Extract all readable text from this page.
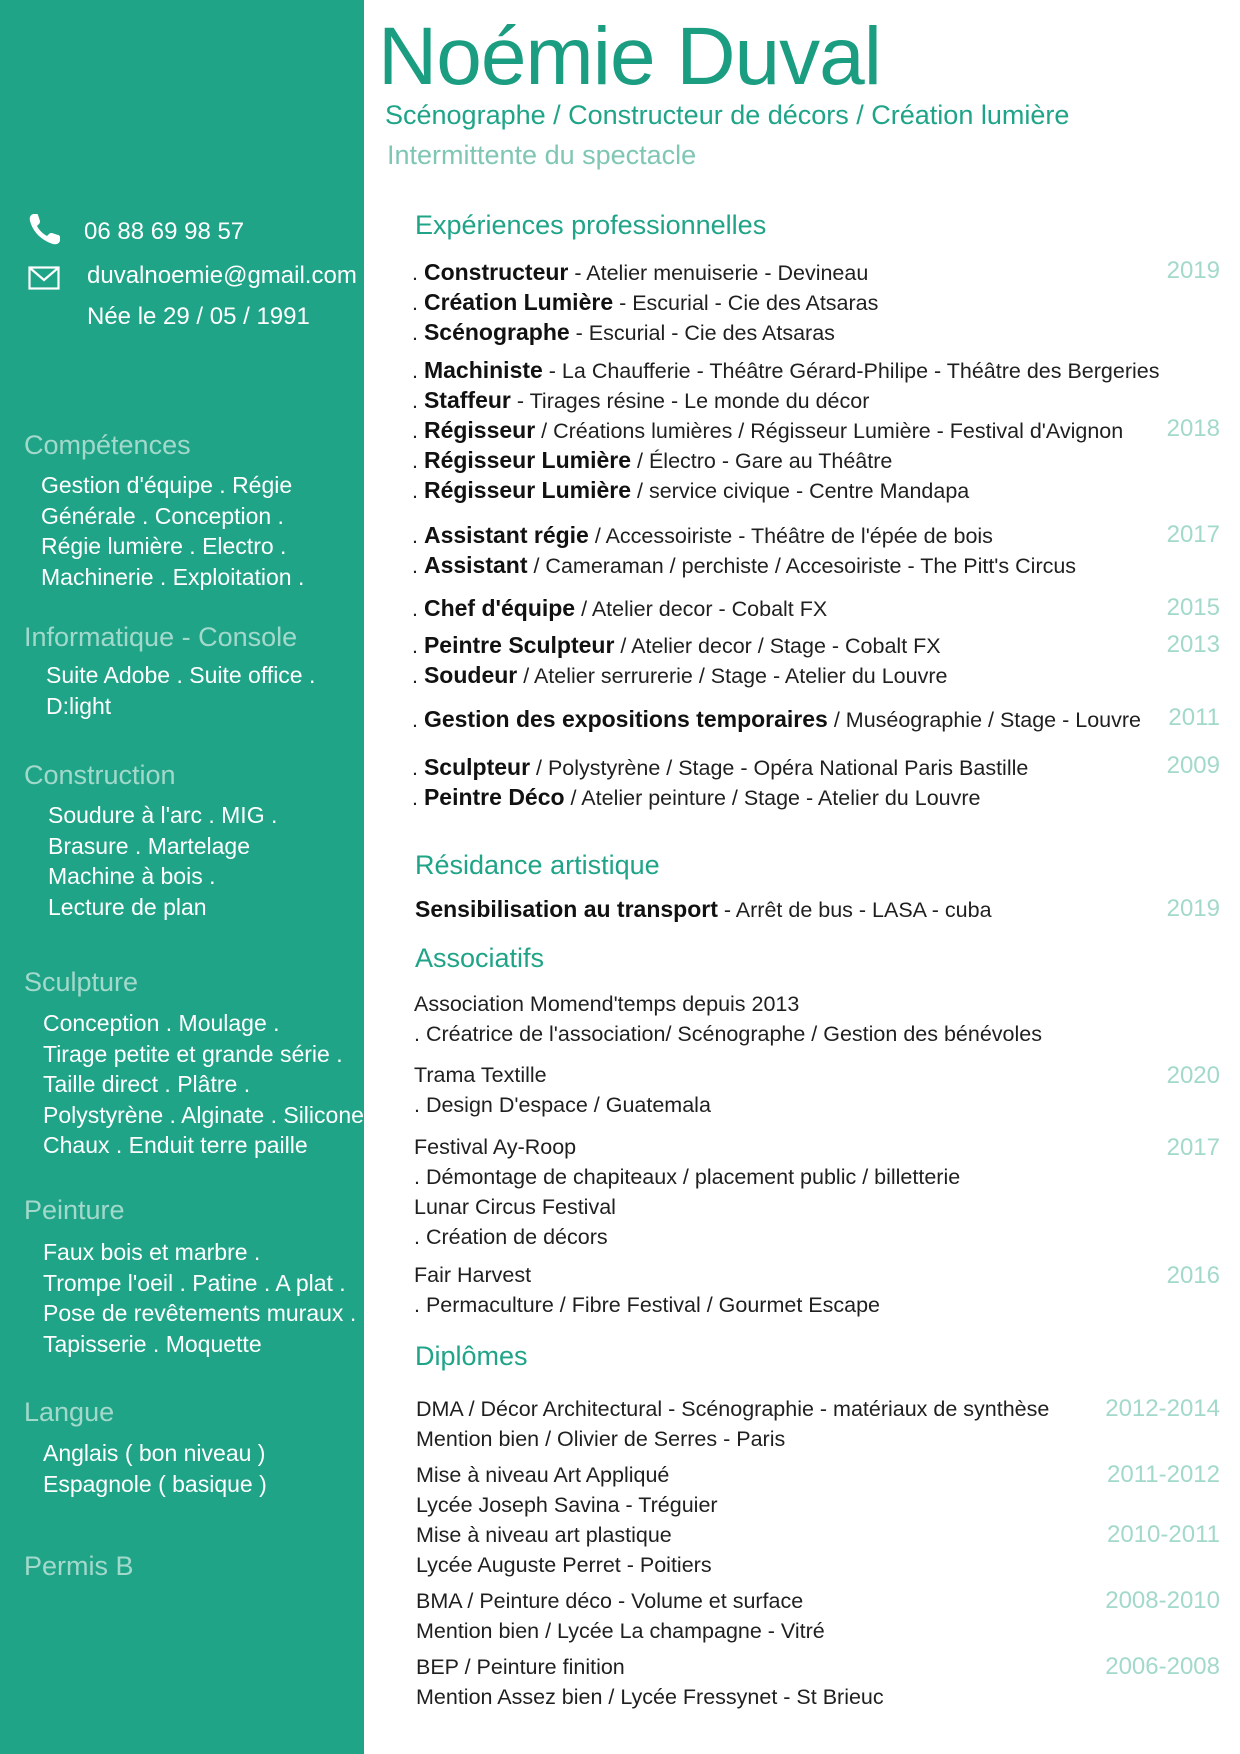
Noémie Duval
Scénographe / Constructeur de décors / Création lumière
Intermittente du spectacle
06 88 69 98 57
duvalnoemie@gmail.com
Née le 29 / 05 / 1991
Compétences
Gestion d'équipe . Régie
Générale . Conception .
Régie lumière . Electro .
Machinerie . Exploitation .
Informatique - Console
Suite Adobe . Suite office .
D:light
Construction
Soudure à l'arc . MIG .
Brasure . Martelage
Machine à bois .
Lecture de plan
Sculpture
Conception . Moulage .
Tirage petite et grande série .
Taille direct . Plâtre .
Polystyrène . Alginate . Silicone .
Chaux . Enduit terre paille
Peinture
Faux bois et marbre .
Trompe l'oeil . Patine . A plat .
Pose de revêtements muraux .
Tapisserie . Moquette
Langue
Anglais ( bon niveau )
Espagnole ( basique )
Permis B
Expériences professionnelles
. Constructeur - Atelier menuiserie - Devineau
. Création Lumière - Escurial - Cie des Atsaras
. Scénographe - Escurial - Cie des Atsaras
. Machiniste - La Chaufferie - Théâtre Gérard-Philipe - Théâtre des Bergeries
. Staffeur - Tirages résine - Le monde du décor
. Régisseur / Créations lumières / Régisseur Lumière - Festival d'Avignon
. Régisseur Lumière / Électro - Gare au Théâtre
. Régisseur Lumière / service civique - Centre Mandapa
. Assistant régie / Accessoiriste - Théâtre de l'épée de bois
. Assistant / Cameraman / perchiste / Accesoiriste - The Pitt's Circus
. Chef d'équipe / Atelier decor - Cobalt FX
. Peintre Sculpteur / Atelier decor / Stage - Cobalt FX
. Soudeur / Atelier serrurerie / Stage - Atelier du Louvre
. Gestion des expositions temporaires / Muséographie / Stage - Louvre
. Sculpteur / Polystyrène / Stage - Opéra National Paris Bastille
. Peintre Déco / Atelier peinture / Stage - Atelier du Louvre
2019
2018
2017
2015
2013
2011
2009
Résidance artistique
Sensibilisation au transport - Arrêt de bus - LASA - cuba	2019
Associatifs
Association Momend'temps depuis 2013
. Créatrice de l'association/ Scénographe / Gestion des bénévoles
Trama Textille
. Design D'espace / Guatemala
Festival Ay-Roop
. Démontage de chapiteaux / placement public / billetterie
Lunar Circus Festival
. Création de décors
Fair Harvest
. Permaculture / Fibre Festival / Gourmet Escape
2020
2017
2016
Diplômes
DMA / Décor Architectural - Scénographie - matériaux de synthèse
Mention bien / Olivier de Serres - Paris
Mise à niveau Art Appliqué
Lycée Joseph Savina - Tréguier
Mise à niveau art plastique
Lycée Auguste Perret - Poitiers
BMA / Peinture déco - Volume et surface
Mention bien / Lycée La champagne - Vitré
BEP / Peinture finition
Mention Assez bien / Lycée Fressynet - St Brieuc
2012-2014
2011-2012
2010-2011
2008-2010
2006-2008
